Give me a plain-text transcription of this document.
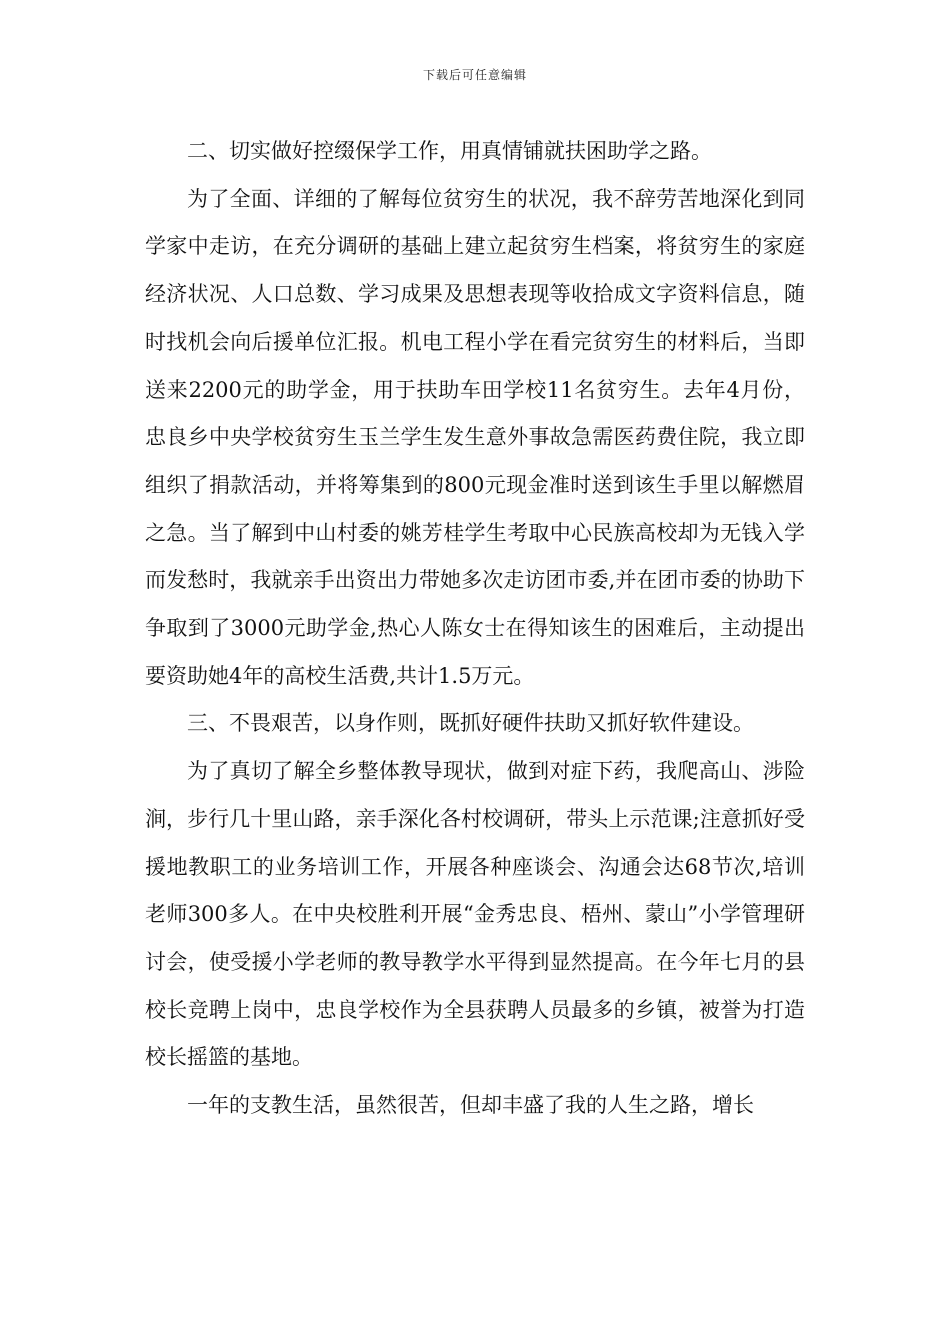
下载后可任意编辑

二、切实做好控缀保学工作，用真情铺就扶困助学之路。

为了全面、详细的了解每位贫穷生的状况，我不辞劳苦地深化到同学家中走访，在充分调研的基础上建立起贫穷生档案，将贫穷生的家庭经济状况、人口总数、学习成果及思想表现等收拾成文字资料信息，随时找机会向后援单位汇报。机电工程小学在看完贫穷生的材料后，当即送来2200元的助学金，用于扶助车田学校11名贫穷生。去年4月份，忠良乡中央学校贫穷生玉兰学生发生意外事故急需医药费住院，我立即组织了捐款活动，并将筹集到的800元现金准时送到该生手里以解燃眉之急。当了解到中山村委的姚芳桂学生考取中心民族高校却为无钱入学而发愁时，我就亲手出资出力带她多次走访团市委,并在团市委的协助下争取到了3000元助学金,热心人陈女士在得知该生的困难后，主动提出要资助她4年的高校生活费,共计1.5万元。

三、不畏艰苦，以身作则，既抓好硬件扶助又抓好软件建设。

为了真切了解全乡整体教导现状，做到对症下药，我爬高山、涉险涧，步行几十里山路，亲手深化各村校调研，带头上示范课;注意抓好受援地教职工的业务培训工作，开展各种座谈会、沟通会达68节次,培训老师300多人。在中央校胜利开展“金秀忠良、梧州、蒙山”小学管理研讨会，使受援小学老师的教导教学水平得到显然提高。在今年七月的县校长竞聘上岗中，忠良学校作为全县获聘人员最多的乡镇，被誉为打造校长摇篮的基地。

一年的支教生活，虽然很苦，但却丰盛了我的人生之路，增长
